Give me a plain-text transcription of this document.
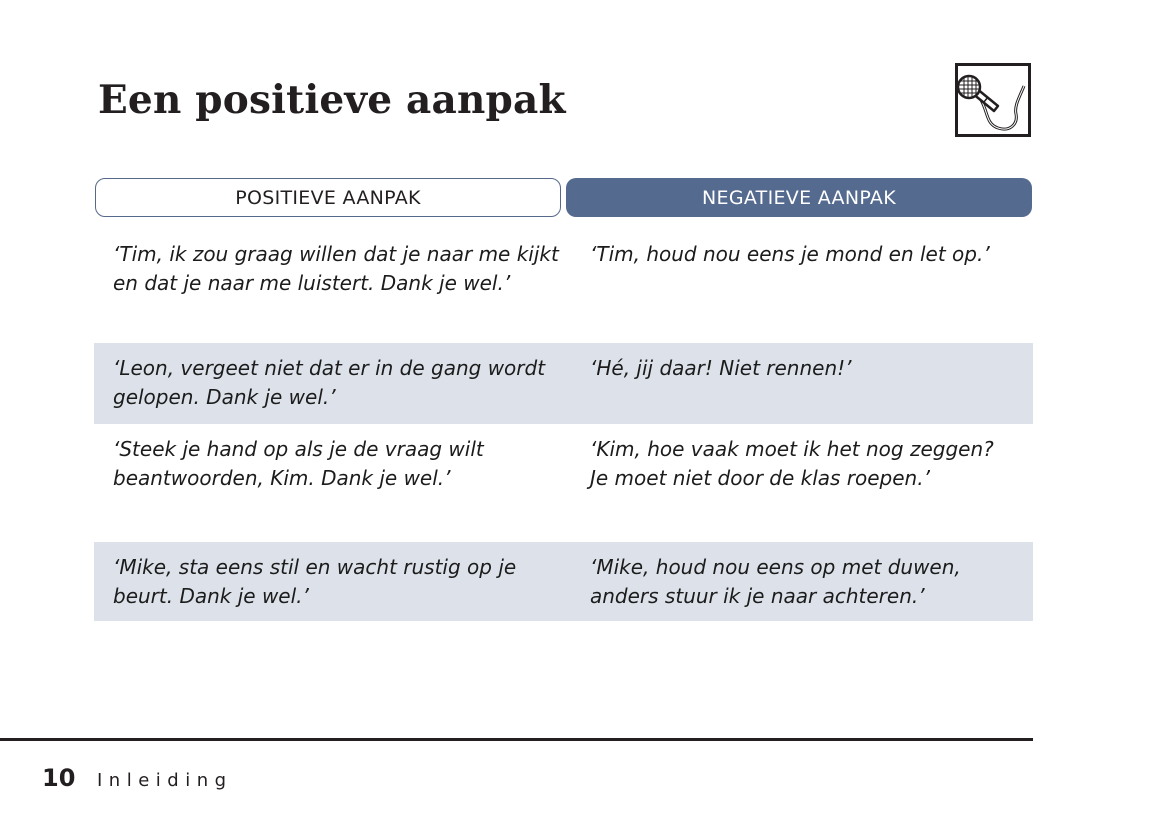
Een positieve aanpak
POSITIEVE AANPAK	NEGATIEVE AANPAK
‘Tim, ik zou graag willen dat je naar me kijkt en dat je naar me luistert. Dank je wel.’
‘Tim, houd nou eens je mond en let op.’
‘Leon, vergeet niet dat er in de gang wordt gelopen. Dank je wel.’
‘Hé, jij daar! Niet rennen!’
‘Steek je hand op als je de vraag wilt beantwoorden, Kim. Dank je wel.’
‘Kim, hoe vaak moet ik het nog zeggen? Je moet niet door de klas roepen.’
‘Mike, sta eens stil en wacht rustig op je beurt. Dank je wel.’
‘Mike, houd nou eens op met duwen, anders stuur ik je naar achteren.’
10 Inleiding
